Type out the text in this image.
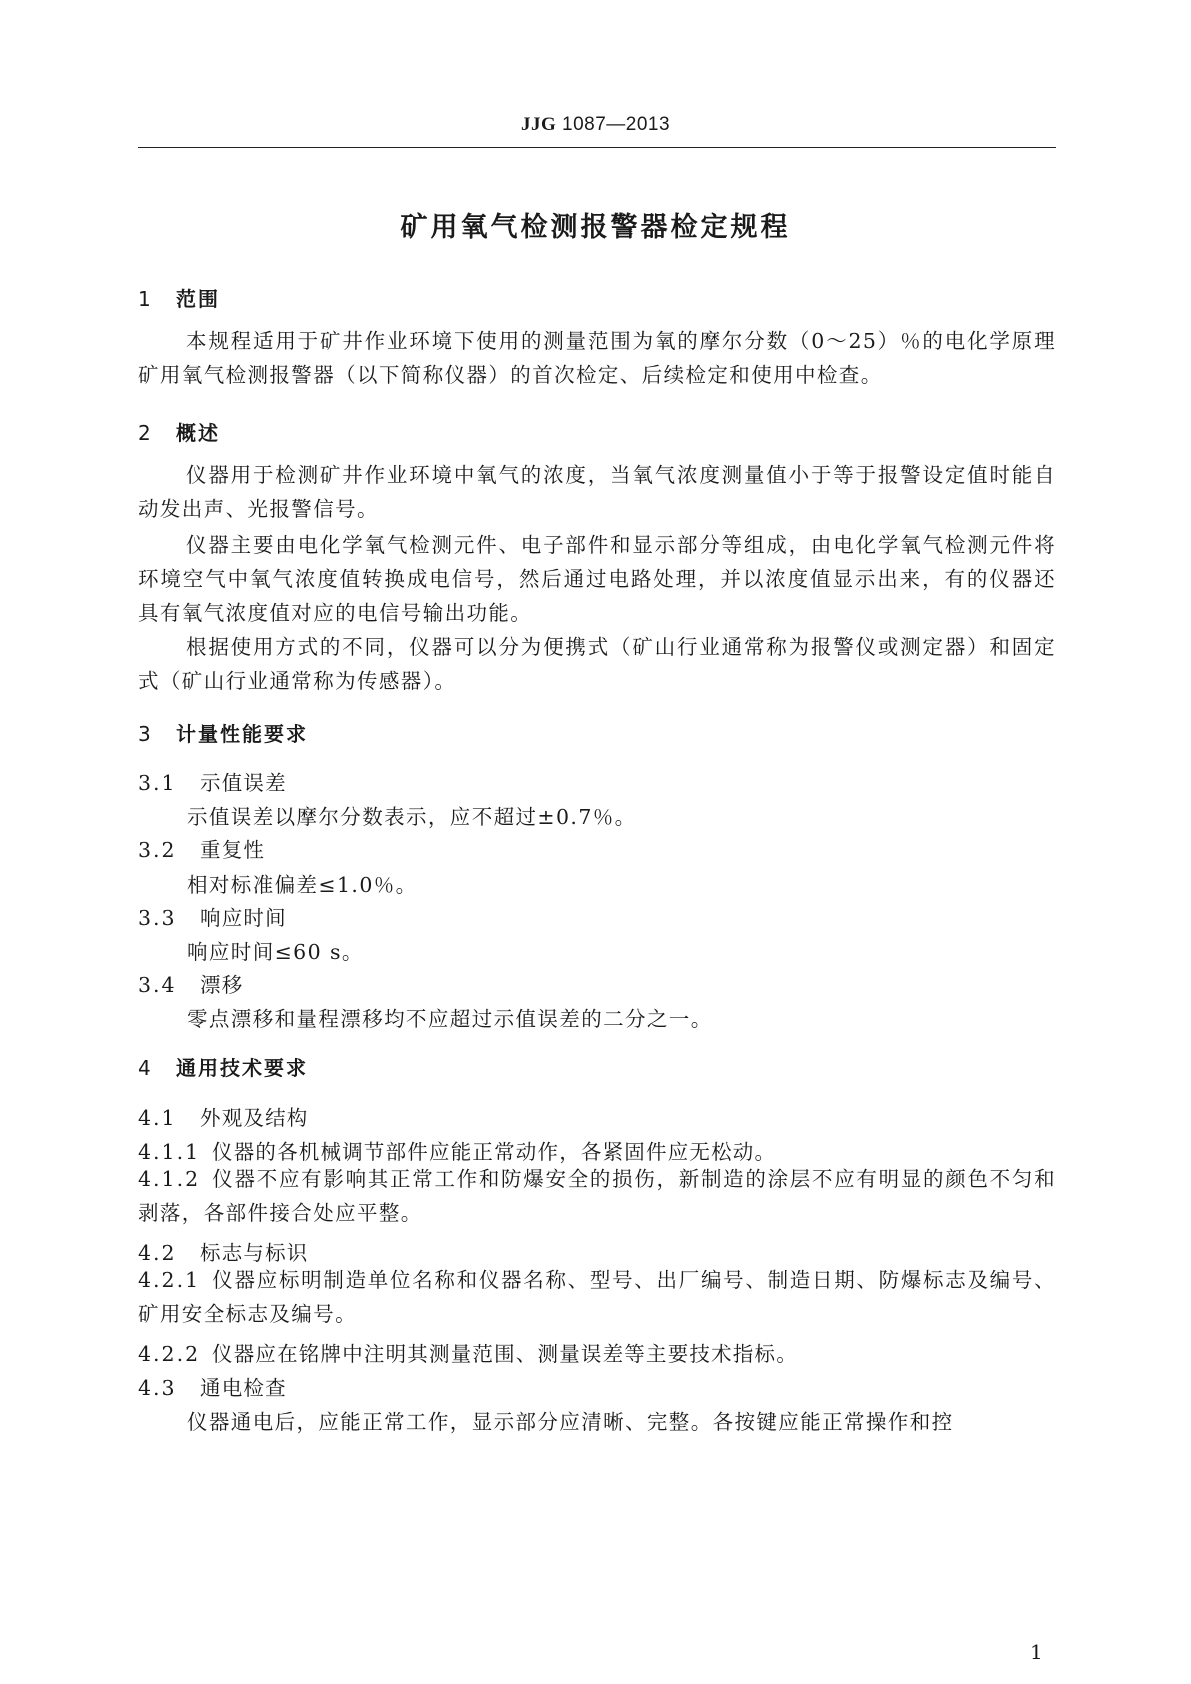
JJG 1087—2013
矿用氧气检测报警器检定规程
1 范围
本规程适用于矿井作业环境下使用的测量范围为氧的摩尔分数（0～25）％的电化学原理矿用氧气检测报警器（以下简称仪器）的首次检定、后续检定和使用中检查。
2 概述
仪器用于检测矿井作业环境中氧气的浓度，当氧气浓度测量值小于等于报警设定值时能自动发出声、光报警信号。
仪器主要由电化学氧气检测元件、电子部件和显示部分等组成，由电化学氧气检测元件将环境空气中氧气浓度值转换成电信号，然后通过电路处理，并以浓度值显示出来，有的仪器还具有氧气浓度值对应的电信号输出功能。
根据使用方式的不同，仪器可以分为便携式（矿山行业通常称为报警仪或测定器）和固定式（矿山行业通常称为传感器）。
3 计量性能要求
3.1 示值误差
示值误差以摩尔分数表示，应不超过±0.7％。
3.2 重复性
相对标准偏差≤1.0％。
3.3 响应时间
响应时间≤60 s。
3.4 漂移
零点漂移和量程漂移均不应超过示值误差的二分之一。
4 通用技术要求
4.1 外观及结构
4.1.1 仪器的各机械调节部件应能正常动作，各紧固件应无松动。
4.1.2 仪器不应有影响其正常工作和防爆安全的损伤，新制造的涂层不应有明显的颜色不匀和剥落，各部件接合处应平整。
4.2 标志与标识
4.2.1 仪器应标明制造单位名称和仪器名称、型号、出厂编号、制造日期、防爆标志及编号、矿用安全标志及编号。
4.2.2 仪器应在铭牌中注明其测量范围、测量误差等主要技术指标。
4.3 通电检查
仪器通电后，应能正常工作，显示部分应清晰、完整。各按键应能正常操作和控
1
